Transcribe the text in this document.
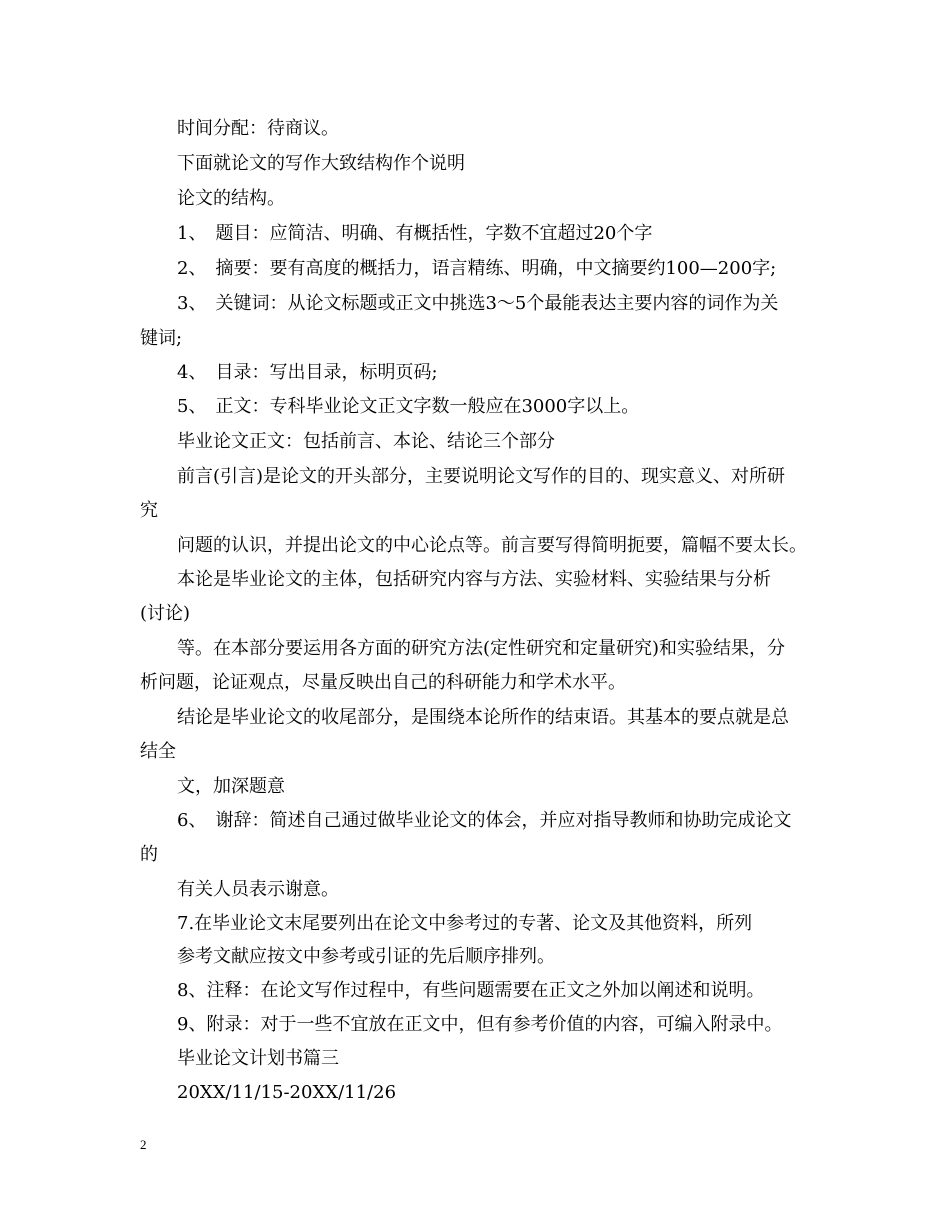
时间分配：待商议。
下面就论文的写作大致结构作个说明
论文的结构。
1、　题目：应简洁、明确、有概括性，字数不宜超过20个字
2、　摘要：要有高度的概括力，语言精练、明确，中文摘要约100—200字;
3、　关键词：从论文标题或正文中挑选3～5个最能表达主要内容的词作为关
键词;
4、　目录：写出目录，标明页码;
5、　正文：专科毕业论文正文字数一般应在3000字以上。
毕业论文正文：包括前言、本论、结论三个部分
前言(引言)是论文的开头部分，主要说明论文写作的目的、现实意义、对所研
究
问题的认识，并提出论文的中心论点等。前言要写得简明扼要，篇幅不要太长。
本论是毕业论文的主体，包括研究内容与方法、实验材料、实验结果与分析
(讨论)
等。在本部分要运用各方面的研究方法(定性研究和定量研究)和实验结果，分
析问题，论证观点，尽量反映出自己的科研能力和学术水平。
结论是毕业论文的收尾部分，是围绕本论所作的结束语。其基本的要点就是总
结全
文，加深题意
6、　谢辞：简述自己通过做毕业论文的体会，并应对指导教师和协助完成论文
的
有关人员表示谢意。
7.在毕业论文末尾要列出在论文中参考过的专著、论文及其他资料，所列
参考文献应按文中参考或引证的先后顺序排列。
8、注释：在论文写作过程中，有些问题需要在正文之外加以阐述和说明。
9、附录：对于一些不宜放在正文中，但有参考价值的内容，可编入附录中。
毕业论文计划书篇三
20XX/11/15-20XX/11/26
2
